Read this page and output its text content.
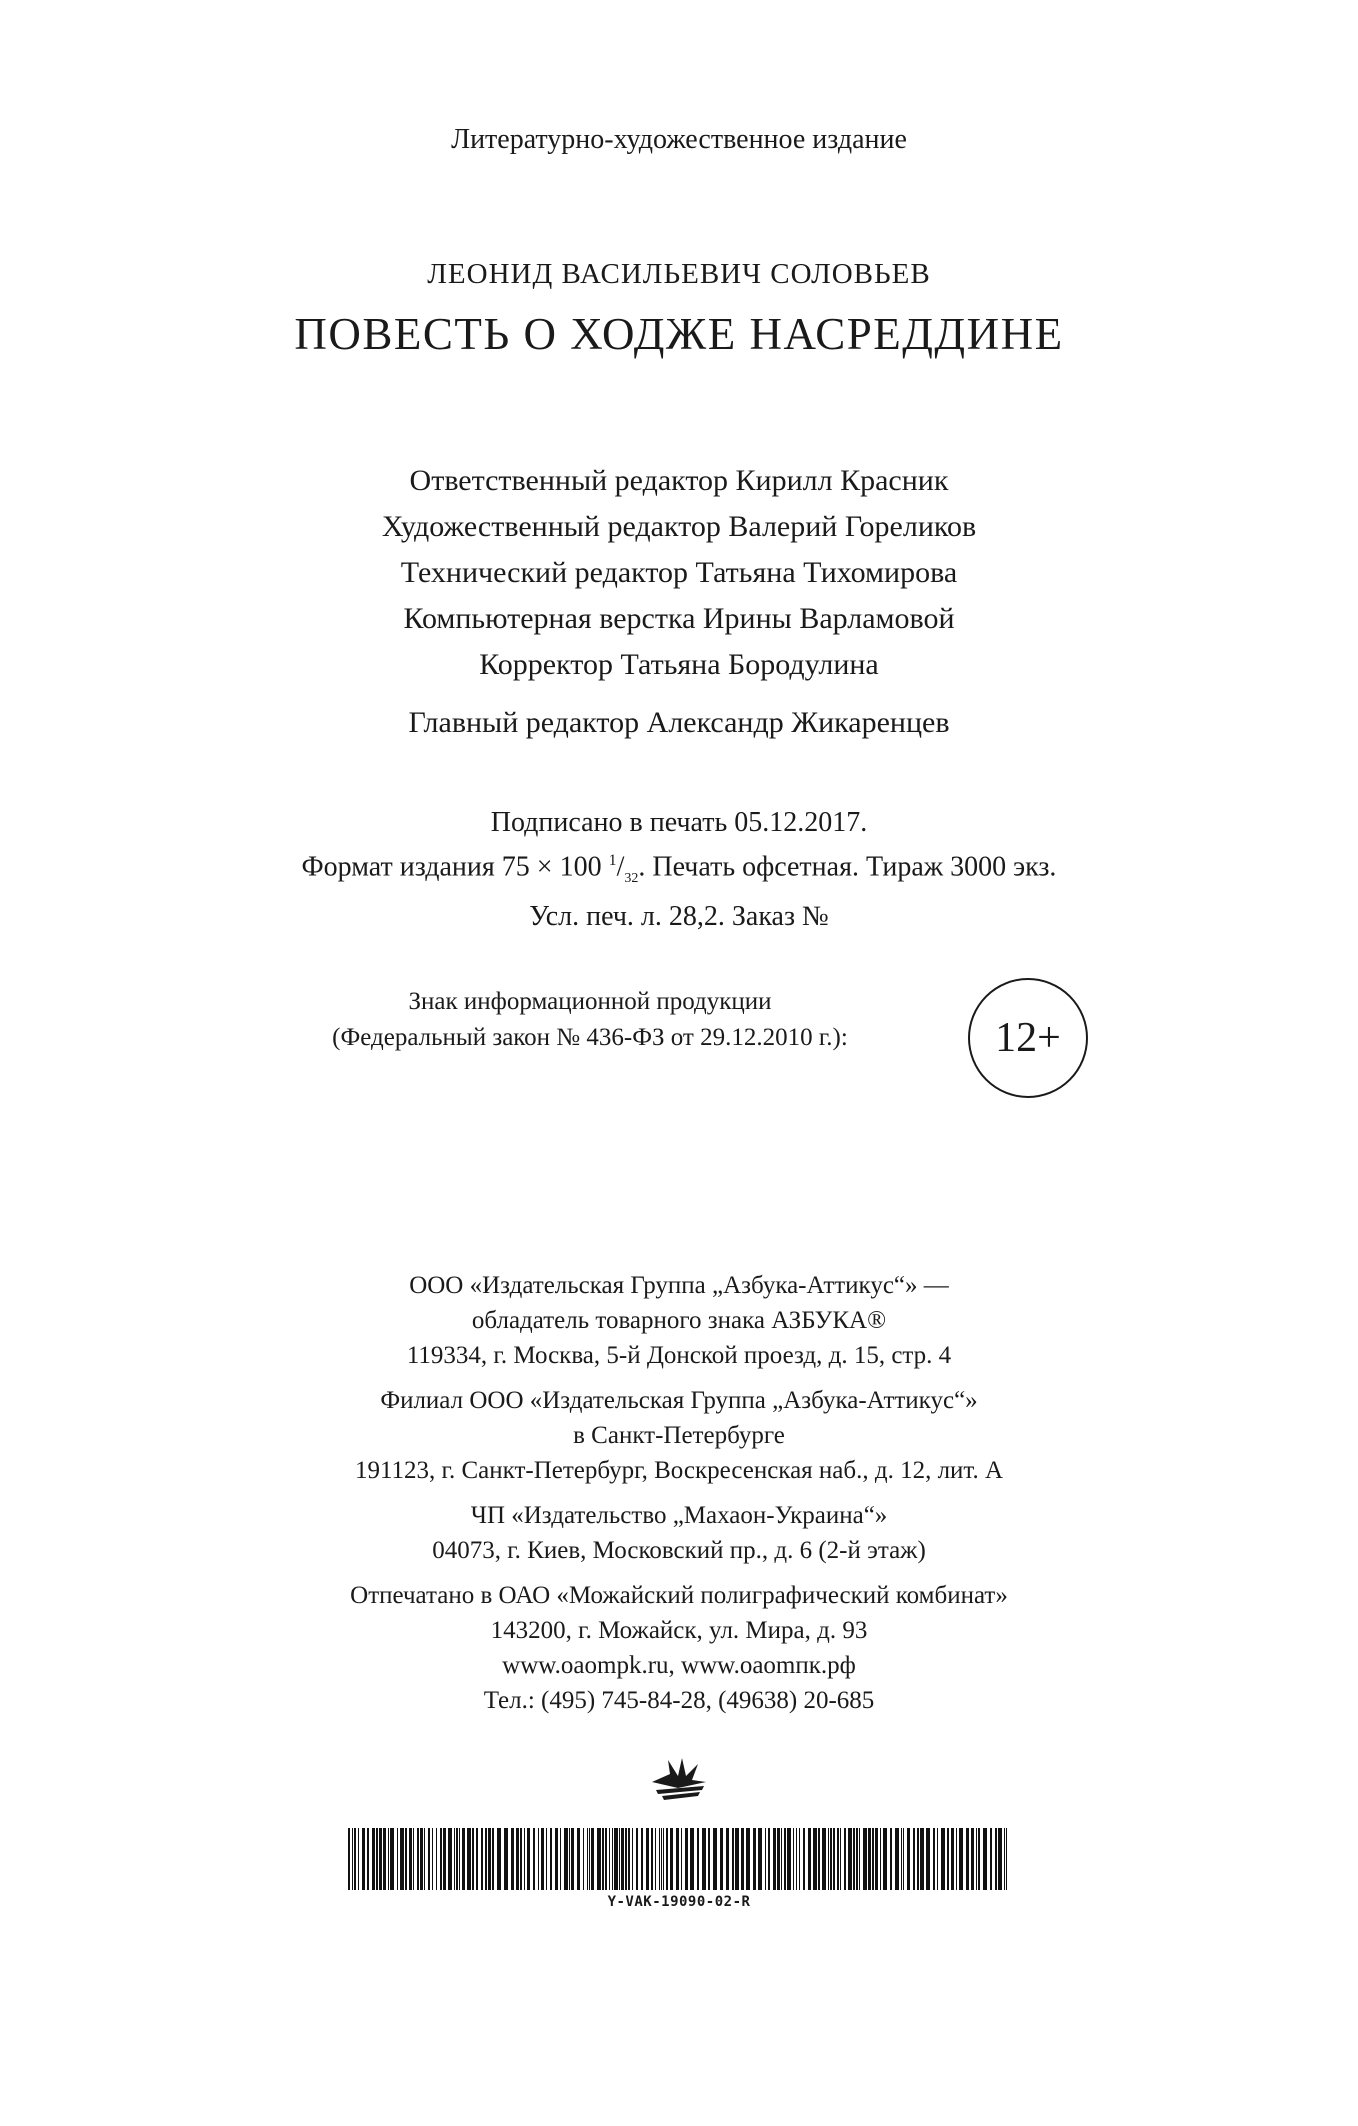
Литературно-художественное издание
ЛЕОНИД ВАСИЛЬЕВИЧ СОЛОВЬЕВ
ПОВЕСТЬ О ХОДЖЕ НАСРЕДДИНЕ
Ответственный редактор Кирилл Красник
Художественный редактор Валерий Гореликов
Технический редактор Татьяна Тихомирова
Компьютерная верстка Ирины Варламовой
Корректор Татьяна Бородулина
Главный редактор Александр Жикаренцев
Подписано в печать 05.12.2017.
Формат издания 75 × 100 $^1/_{32}$. Печать офсетная. Тираж 3000 экз.
Усл. печ. л. 28,2. Заказ №
Знак информационной продукции
(Федеральный закон № 436-ФЗ от 29.12.2010 г.):	12+
ООО «Издательская Группа „Азбука-Аттикус“» —
обладатель товарного знака АЗБУКА®
119334, г. Москва, 5-й Донской проезд, д. 15, стр. 4
Филиал ООО «Издательская Группа „Азбука-Аттикус“»
в Санкт-Петербурге
191123, г. Санкт-Петербург, Воскресенская наб., д. 12, лит. А
ЧП «Издательство „Махаон-Украина“»
04073, г. Киев, Московский пр., д. 6 (2-й этаж)
Отпечатано в ОАО «Можайский полиграфический комбинат»
143200, г. Можайск, ул. Мира, д. 93
www.oaompk.ru, www.oaomпк.рф
Тел.: (495) 745-84-28, (49638) 20-685
Y-VAK-19090-02-R
